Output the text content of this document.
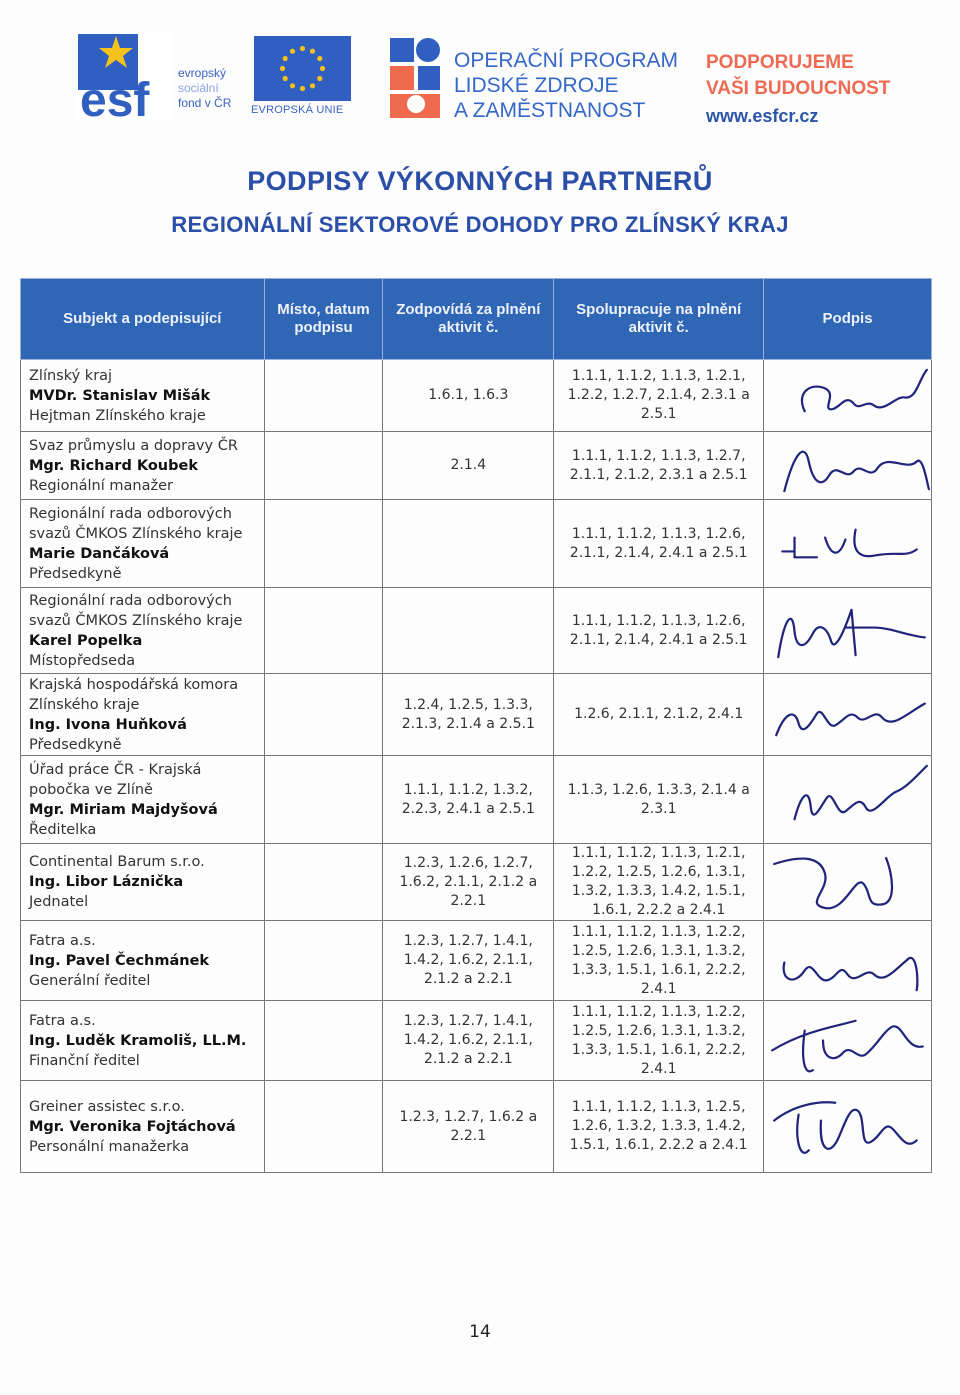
esf
evropský
sociální
fond v ČR EVROPSKÁ UNIE
OPERAČNÍ PROGRAM
LIDSKÉ ZDROJE
A ZAMĚSTNANOST
PODPORUJEME
VAŠI BUDOUCNOST
www.esfcr.cz
PODPISY VÝKONNÝCH PARTNERŮ
REGIONÁLNÍ SEKTOROVÉ DOHODY PRO ZLÍNSKÝ KRAJ
Subjekt a podepisující	Místo, datum podpisu	Zodpovídá za plnění aktivit č.	Spolupracuje na plnění aktivit č.	Podpis

Zlínský kraj
MVDr. Stanislav Mišák
Hejtman Zlínského kraje		1.6.1, 1.6.3	1.1.1, 1.1.2, 1.1.3, 1.2.1, 1.2.2, 1.2.7, 2.1.4, 2.3.1 a 2.5.1	

Svaz průmyslu a dopravy ČR
Mgr. Richard Koubek
Regionální manažer		2.1.4	1.1.1, 1.1.2, 1.1.3, 1.2.7, 2.1.1, 2.1.2, 2.3.1 a 2.5.1	

Regionální rada odborových svazů ČMKOS Zlínského kraje
Marie Dančáková
Předsedkyně			1.1.1, 1.1.2, 1.1.3, 1.2.6, 2.1.1, 2.1.4, 2.4.1 a 2.5.1	

Regionální rada odborových svazů ČMKOS Zlínského kraje
Karel Popelka
Místopředseda			1.1.1, 1.1.2, 1.1.3, 1.2.6, 2.1.1, 2.1.4, 2.4.1 a 2.5.1	

Krajská hospodářská komora Zlínského kraje
Ing. Ivona Huňková
Předsedkyně		1.2.4, 1.2.5, 1.3.3, 2.1.3, 2.1.4 a 2.5.1	1.2.6, 2.1.1, 2.1.2, 2.4.1	

Úřad práce ČR - Krajská pobočka ve Zlíně
Mgr. Miriam Majdyšová
Ředitelka		1.1.1, 1.1.2, 1.3.2, 2.2.3, 2.4.1 a 2.5.1	1.1.3, 1.2.6, 1.3.3, 2.1.4 a 2.3.1	

Continental Barum s.r.o.
Ing. Libor Láznička
Jednatel		1.2.3, 1.2.6, 1.2.7, 1.6.2, 2.1.1, 2.1.2 a 2.2.1	1.1.1, 1.1.2, 1.1.3, 1.2.1, 1.2.2, 1.2.5, 1.2.6, 1.3.1, 1.3.2, 1.3.3, 1.4.2, 1.5.1, 1.6.1, 2.2.2 a 2.4.1	

Fatra a.s.
Ing. Pavel Čechmánek
Generální ředitel		1.2.3, 1.2.7, 1.4.1, 1.4.2, 1.6.2, 2.1.1, 2.1.2 a 2.2.1	1.1.1, 1.1.2, 1.1.3, 1.2.2, 1.2.5, 1.2.6, 1.3.1, 1.3.2, 1.3.3, 1.5.1, 1.6.1, 2.2.2, 2.4.1	

Fatra a.s.
Ing. Luděk Kramoliš, LL.M.
Finanční ředitel		1.2.3, 1.2.7, 1.4.1, 1.4.2, 1.6.2, 2.1.1, 2.1.2 a 2.2.1	1.1.1, 1.1.2, 1.1.3, 1.2.2, 1.2.5, 1.2.6, 1.3.1, 1.3.2, 1.3.3, 1.5.1, 1.6.1, 2.2.2, 2.4.1	

Greiner assistec s.r.o.
Mgr. Veronika Fojtáchová
Personální manažerka		1.2.3, 1.2.7, 1.6.2 a 2.2.1	1.1.1, 1.1.2, 1.1.3, 1.2.5, 1.2.6, 1.3.2, 1.3.3, 1.4.2, 1.5.1, 1.6.1, 2.2.2 a 2.4.1	
14
